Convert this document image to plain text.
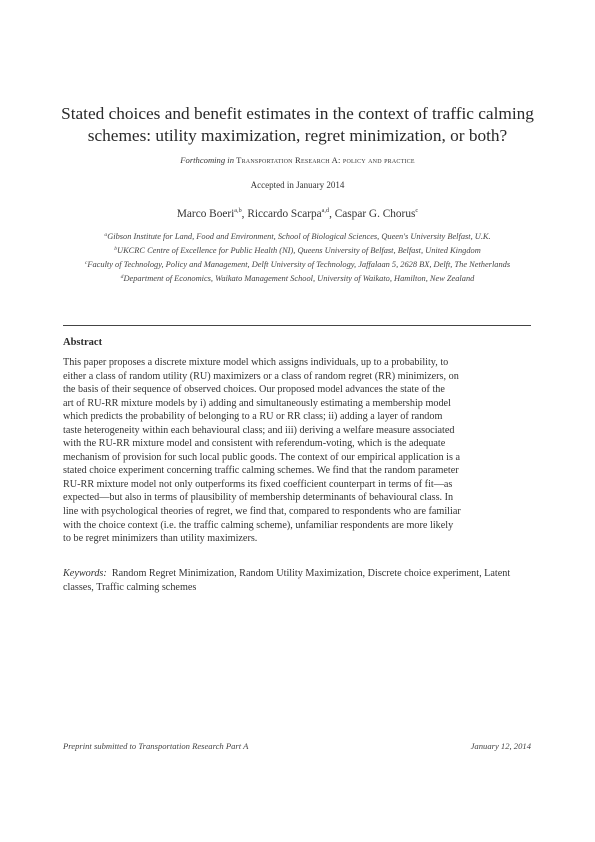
Stated choices and benefit estimates in the context of traffic calming
schemes: utility maximization, regret minimization, or both?
Forthcoming in Transportation Research A: policy and practice
Accepted in January 2014
Marco Boeri$^{a,b}$, Riccardo Scarpa$^{a,d}$, Caspar G. Chorus$^c$
$^a$Gibson Institute for Land, Food and Environment, School of Biological Sciences, Queen's University Belfast, U.K.
$^b$UKCRC Centre of Excellence for Public Health (NI), Queens University of Belfast, Belfast, United Kingdom
$^c$Faculty of Technology, Policy and Management, Delft University of Technology, Jaffalaan 5, 2628 BX, Delft, The Netherlands
$^d$Department of Economics, Waikato Management School, University of Waikato, Hamilton, New Zealand
Abstract
This paper proposes a discrete mixture model which assigns individuals, up to a probability, to
either a class of random utility (RU) maximizers or a class of random regret (RR) minimizers, on
the basis of their sequence of observed choices. Our proposed model advances the state of the
art of RU-RR mixture models by i) adding and simultaneously estimating a membership model
which predicts the probability of belonging to a RU or RR class; ii) adding a layer of random
taste heterogeneity within each behavioural class; and iii) deriving a welfare measure associated
with the RU-RR mixture model and consistent with referendum-voting, which is the adequate
mechanism of provision for such local public goods. The context of our empirical application is a
stated choice experiment concerning traffic calming schemes. We find that the random parameter
RU-RR mixture model not only outperforms its fixed coefficient counterpart in terms of fit—as
expected—but also in terms of plausibility of membership determinants of behavioural class. In
line with psychological theories of regret, we find that, compared to respondents who are familiar
with the choice context (i.e. the traffic calming scheme), unfamiliar respondents are more likely
to be regret minimizers than utility maximizers.
Keywords: Random Regret Minimization, Random Utility Maximization, Discrete choice experiment, Latent classes, Traffic calming schemes
Preprint submitted to Transportation Research Part A	January 12, 2014
